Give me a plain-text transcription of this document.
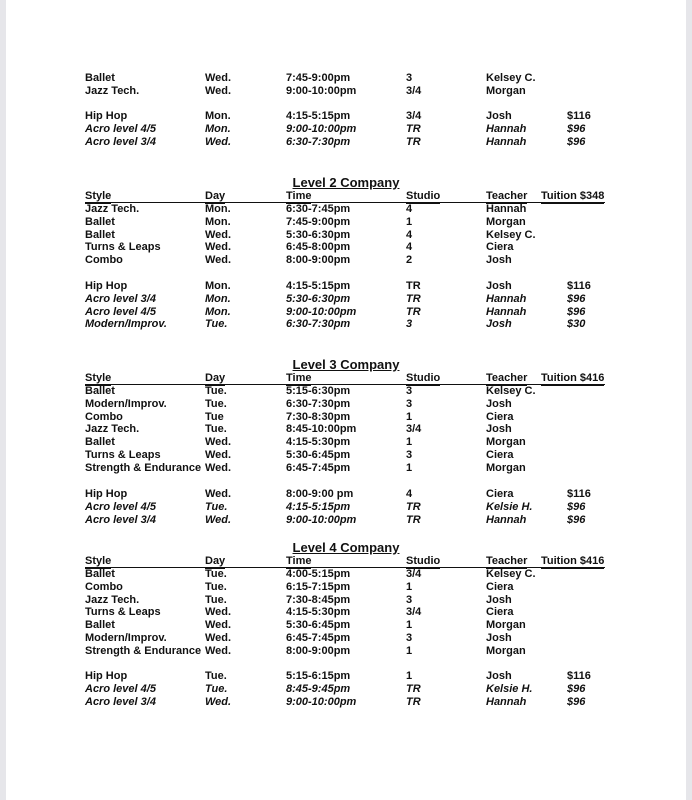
Ballet	Wed.	7:45-9:00pm	3	Kelsey C.
Jazz Tech.	Wed.	9:00-10:00pm	3/4	Morgan
Hip Hop	Mon.	4:15-5:15pm	3/4	Josh	$116
Acro level 4/5	Mon.	9:00-10:00pm	TR	Hannah	$96
Acro level 3/4	Wed.	6:30-7:30pm	TR	Hannah	$96
Level 2 Company
Style	Day	Time	Studio	Teacher Tuition $348
Jazz Tech.	Mon.	6:30-7:45pm	4	Hannah
Ballet	Mon.	7:45-9:00pm	1	Morgan
Ballet	Wed.	5:30-6:30pm	4	Kelsey C.
Turns & Leaps	Wed.	6:45-8:00pm	4	Ciera
Combo	Wed.	8:00-9:00pm	2	Josh
Hip Hop	Mon.	4:15-5:15pm	TR	Josh	$116
Acro level 3/4	Mon.	5:30-6:30pm	TR	Hannah	$96
Acro level 4/5	Mon.	9:00-10:00pm	TR	Hannah	$96
Modern/Improv.	Tue.	6:30-7:30pm	3	Josh	$30
Level 3 Company
Style	Day	Time	Studio	Teacher Tuition $416
Ballet	Tue.	5:15-6:30pm	3	Kelsey C.
Modern/Improv.	Tue.	6:30-7:30pm	3	Josh
Combo	Tue	7:30-8:30pm	1	Ciera
Jazz Tech.	Tue.	8:45-10:00pm	3/4	Josh
Ballet	Wed.	4:15-5:30pm	1	Morgan
Turns & Leaps	Wed.	5:30-6:45pm	3	Ciera
Strength & Endurance Wed.	6:45-7:45pm	1	Morgan
Hip Hop	Wed.	8:00-9:00 pm	4	Ciera	$116
Acro level 4/5	Tue.	4:15-5:15pm	TR	Kelsie H.	$96
Acro level 3/4	Wed.	9:00-10:00pm	TR	Hannah	$96
Level 4 Company
Style	Day	Time	Studio	Teacher Tuition $416
Ballet	Tue.	4:00-5:15pm	3/4	Kelsey C.
Combo	Tue.	6:15-7:15pm	1	Ciera
Jazz Tech.	Tue.	7:30-8:45pm	3	Josh
Turns & Leaps	Wed.	4:15-5:30pm	3/4	Ciera
Ballet	Wed.	5:30-6:45pm	1	Morgan
Modern/Improv.	Wed.	6:45-7:45pm	3	Josh
Strength & Endurance Wed.	8:00-9:00pm	1	Morgan
Hip Hop	Tue.	5:15-6:15pm	1	Josh	$116
Acro level 4/5	Tue.	8:45-9:45pm	TR	Kelsie H.	$96
Acro level 3/4	Wed.	9:00-10:00pm	TR	Hannah	$96
